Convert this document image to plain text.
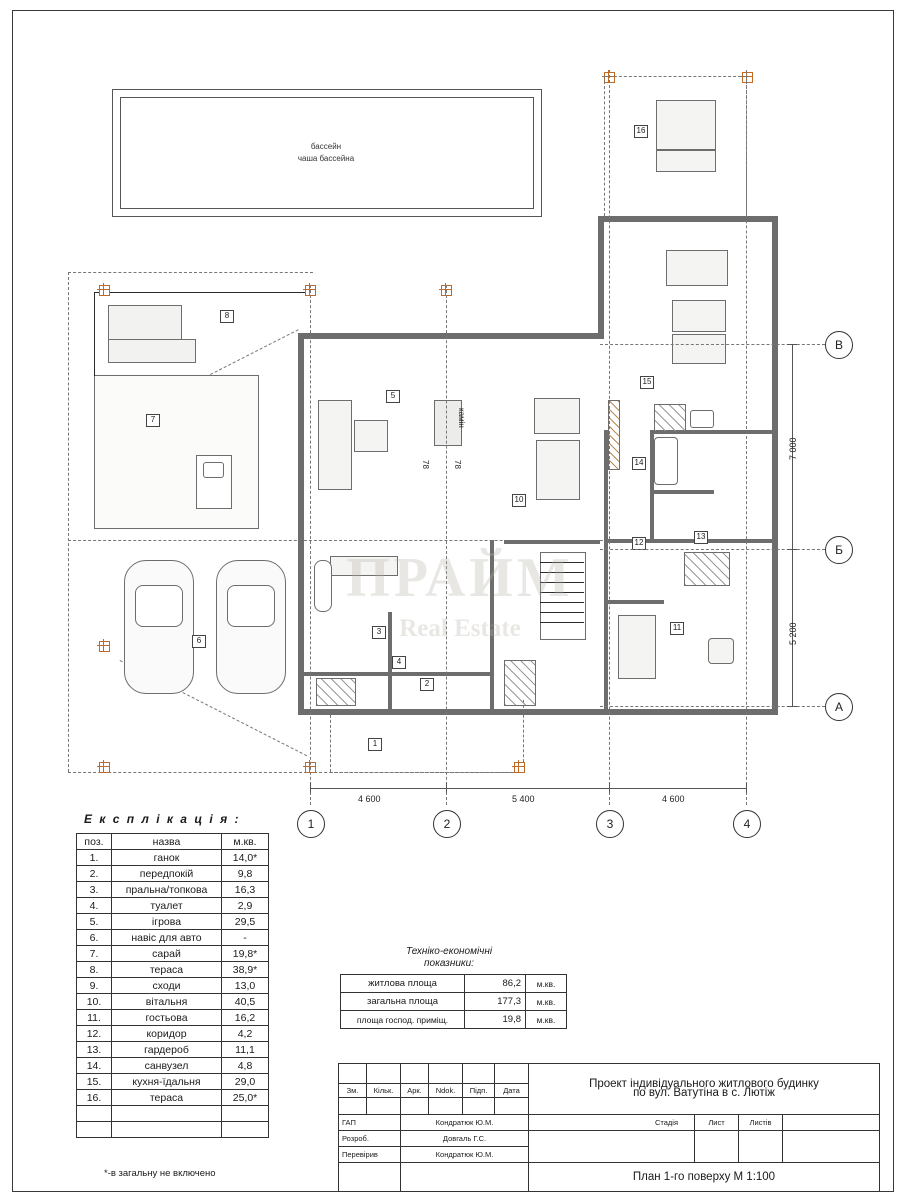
бассейн
чаша бассейна
7
8
6
1
5
камін
78	78
10
15
16
11
12
13
14
3
4
2
1	2	3	4
В
Б
А
4 600	5 400	4 600
7 000
5 200
ПРАЙМ
Real Estate
Е к с п л і к а ц і я :
поз.	назва	м.кв.
1.	ганок	14,0*
2.	передпокій	9,8
3.	пральна/топкова	16,3
4.	туалет	2,9
5.	ігрова	29,5
6.	навіс для авто	-
7.	сарай	19,8*
8.	тераса	38,9*
9.	сходи	13,0
10.	вітальня	40,5
11.	гостьова	16,2
12.	коридор	4,2
13.	гардероб	11,1
14.	санвузел	4,8
15.	кухня-їдальня	29,0
16.	тераса	25,0*

*-в загальну не включено
Техніко-економічні
показники:
житлова площа	86,2	м.кв.
загальна площа	177,3	м.кв.
площа господ. приміщ.	19,8	м.кв.
Зм.	Кільк.	Арк.	Ndok.	Підп.	Дата
ГАП	Кондратюк Ю.М.
Розроб.	Довгаль Г.С.
Перевірив	Кондратюк Ю.М.
Проект індивідуального житлового будинку
по вул. Ватутіна в с. Лютіж
Стадія	Лист	Листів
План 1-го поверху М 1:100
